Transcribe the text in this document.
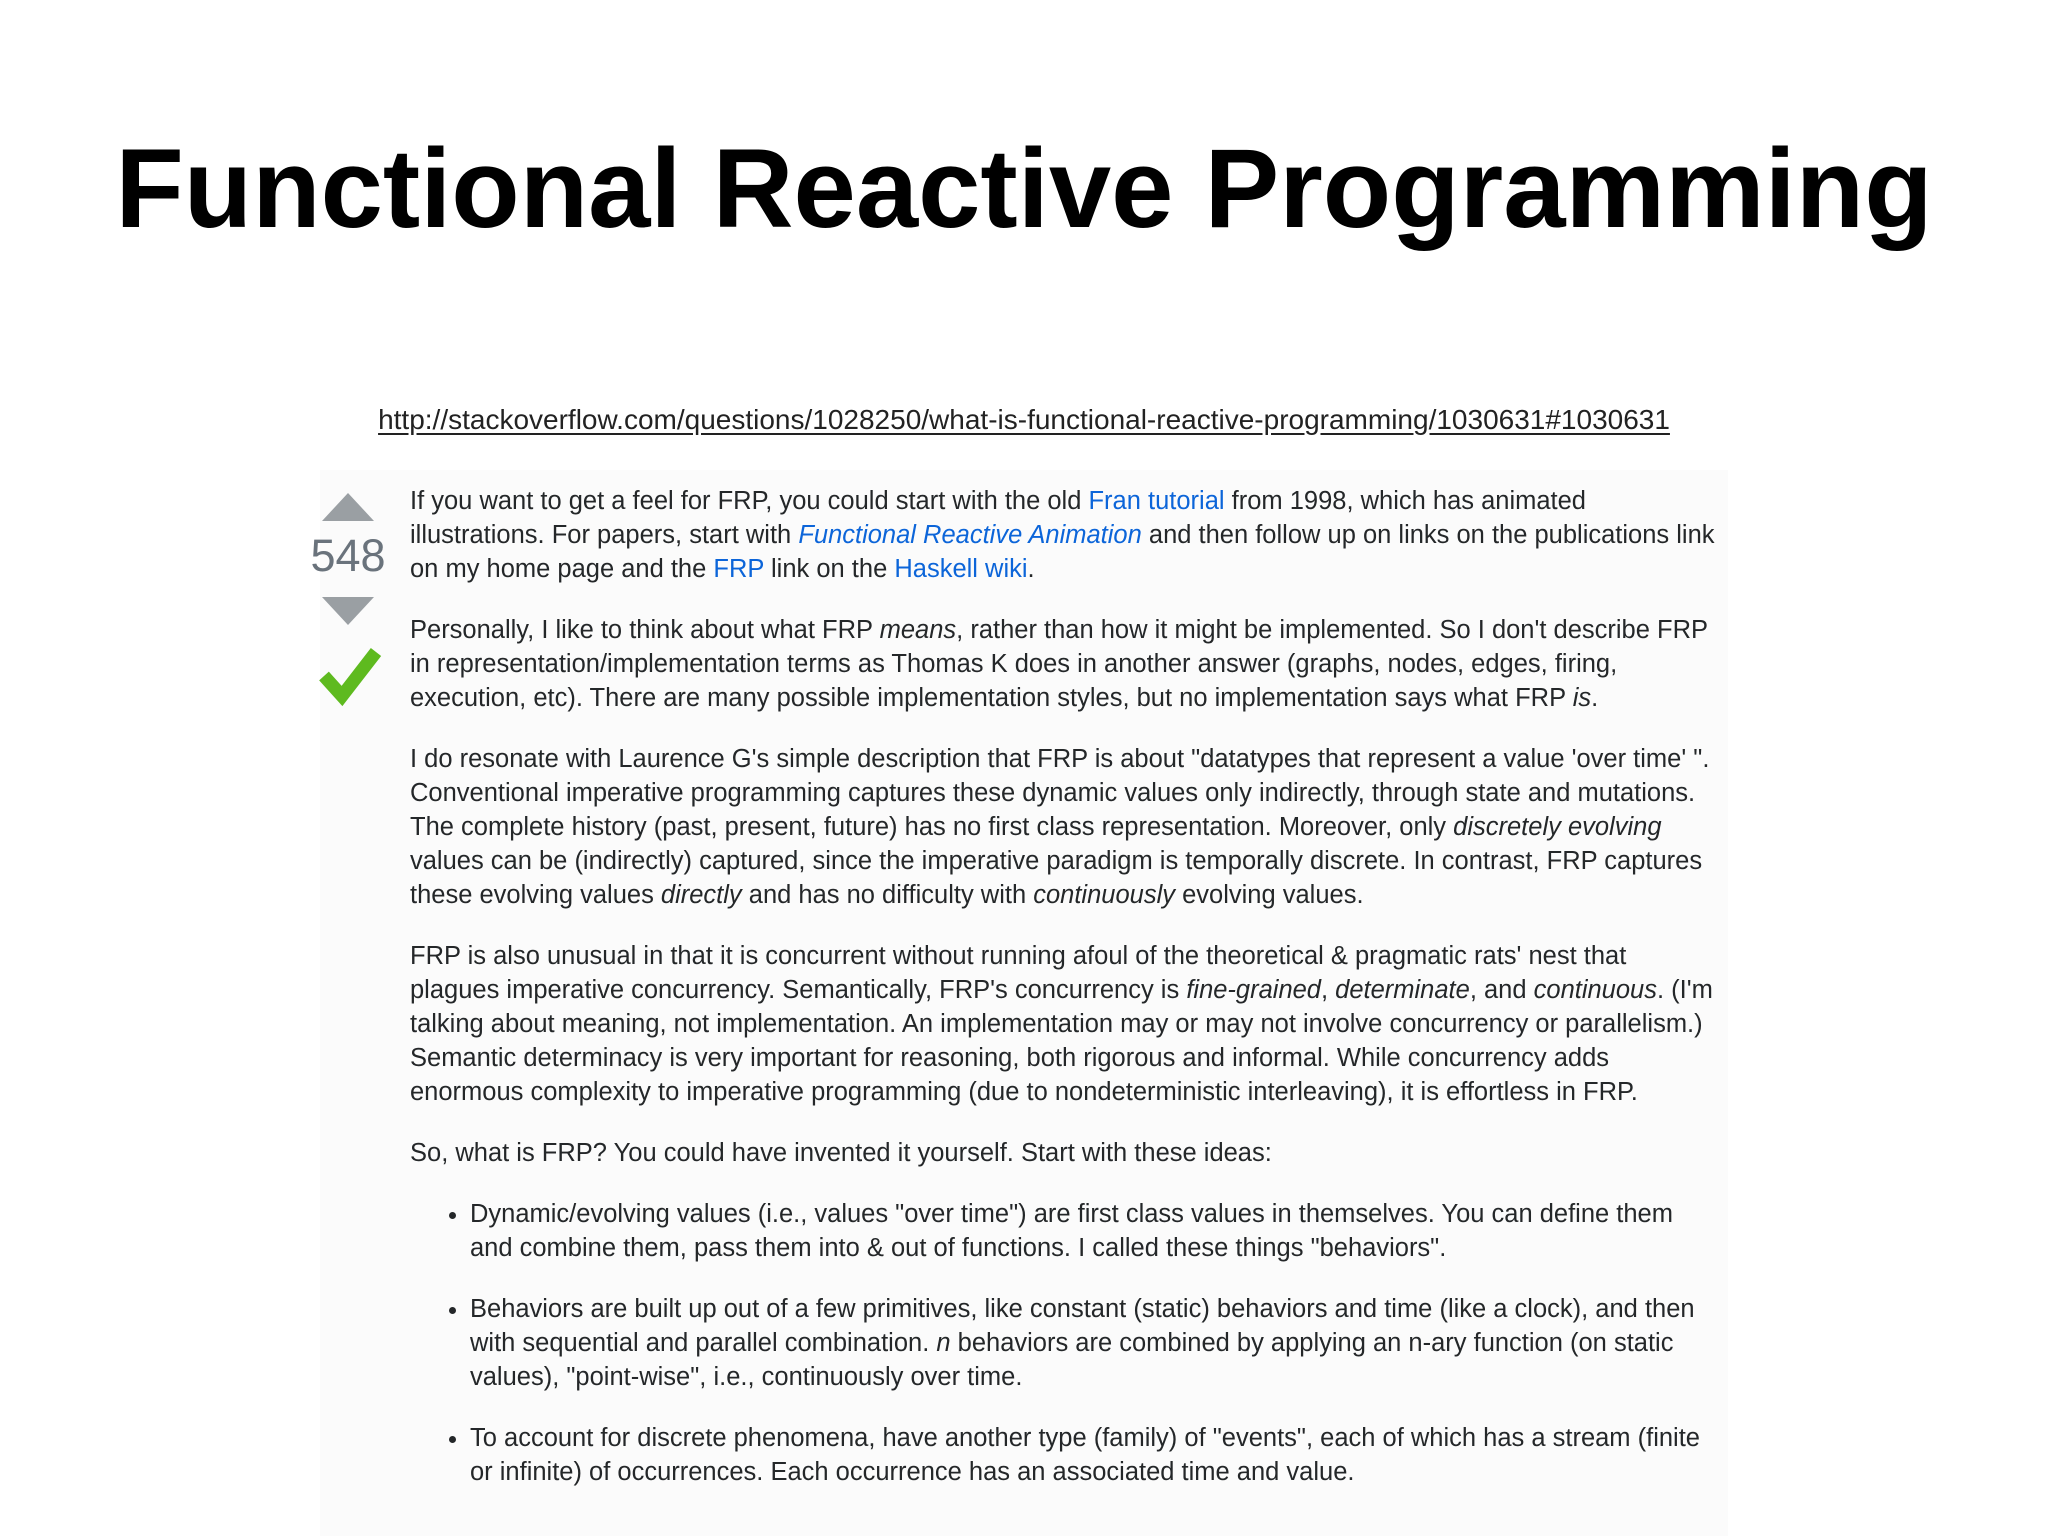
Functional Reactive Programming
http://stackoverflow.com/questions/1028250/what-is-functional-reactive-programming/1030631#1030631
548

If you want to get a feel for FRP, you could start with the old Fran tutorial from 1998, which has animated illustrations. For papers, start with Functional Reactive Animation and then follow up on links on the publications link on my home page and the FRP link on the Haskell wiki.

Personally, I like to think about what FRP means, rather than how it might be implemented. So I don't describe FRP in representation/implementation terms as Thomas K does in another answer (graphs, nodes, edges, firing, execution, etc). There are many possible implementation styles, but no implementation says what FRP is.

I do resonate with Laurence G's simple description that FRP is about "datatypes that represent a value 'over time' ". Conventional imperative programming captures these dynamic values only indirectly, through state and mutations. The complete history (past, present, future) has no first class representation. Moreover, only discretely evolving values can be (indirectly) captured, since the imperative paradigm is temporally discrete. In contrast, FRP captures these evolving values directly and has no difficulty with continuously evolving values.

FRP is also unusual in that it is concurrent without running afoul of the theoretical & pragmatic rats' nest that plagues imperative concurrency. Semantically, FRP's concurrency is fine-grained, determinate, and continuous. (I'm talking about meaning, not implementation. An implementation may or may not involve concurrency or parallelism.) Semantic determinacy is very important for reasoning, both rigorous and informal. While concurrency adds enormous complexity to imperative programming (due to nondeterministic interleaving), it is effortless in FRP.

So, what is FRP? You could have invented it yourself. Start with these ideas:

• Dynamic/evolving values (i.e., values "over time") are first class values in themselves. You can define them and combine them, pass them into & out of functions. I called these things "behaviors".
• Behaviors are built up out of a few primitives, like constant (static) behaviors and time (like a clock), and then with sequential and parallel combination. n behaviors are combined by applying an n-ary function (on static values), "point-wise", i.e., continuously over time.
• To account for discrete phenomena, have another type (family) of "events", each of which has a stream (finite or infinite) of occurrences. Each occurrence has an associated time and value.
